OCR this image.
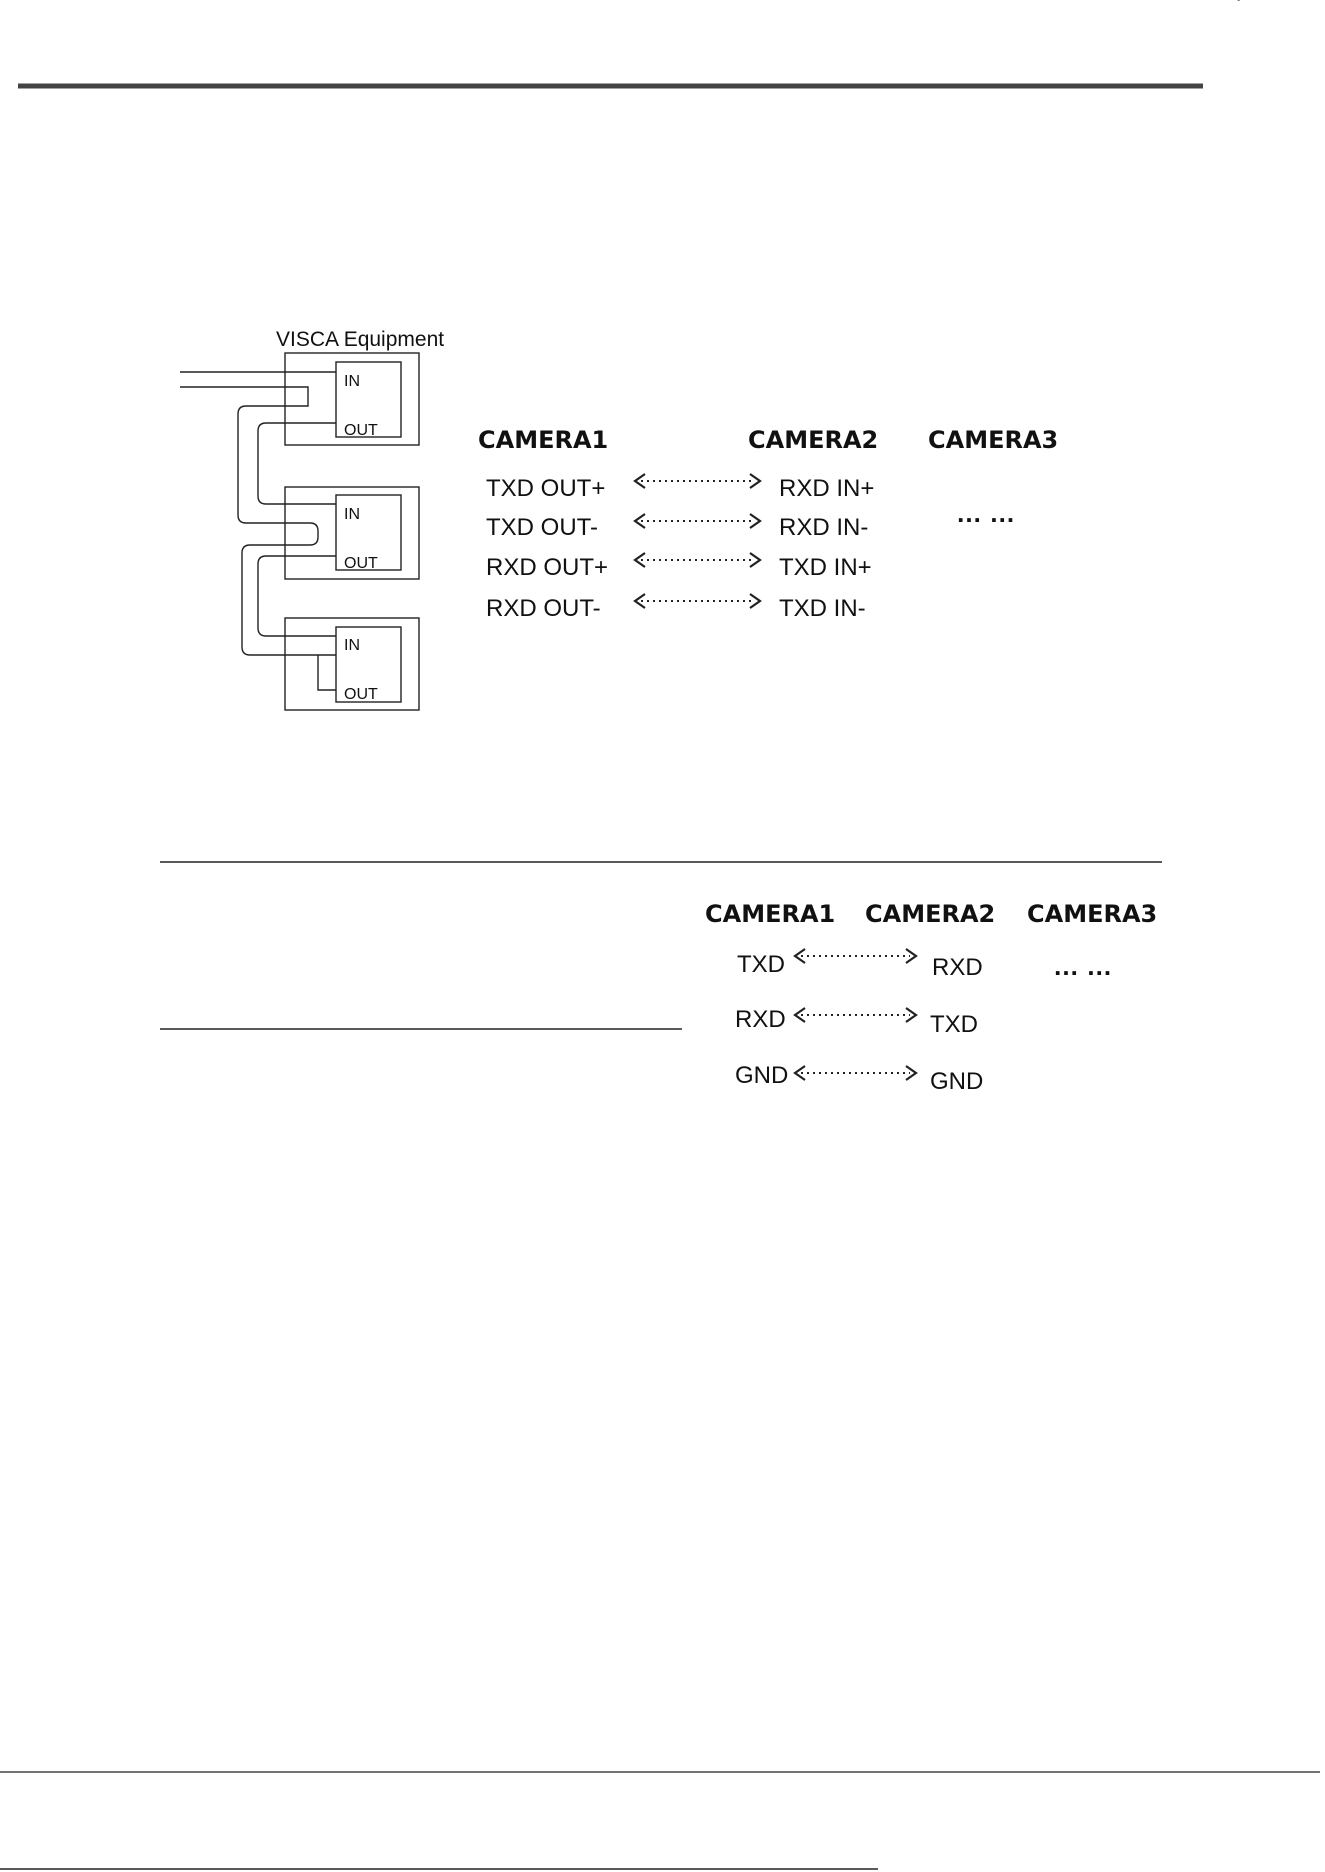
VISCA Equipment
IN
OUT
IN
OUT
IN
OUT
CAMERA1	CAMERA2 CAMERA3
… …
TXD OUT+	RXD IN+
TXD OUT-	RXD IN-
RXD OUT+	TXD IN+
RXD OUT-	TXD IN-
CAMERA1 CAMERA2 CAMERA3
… …
TXD	RXD
RXD	TXD
GND	GND
